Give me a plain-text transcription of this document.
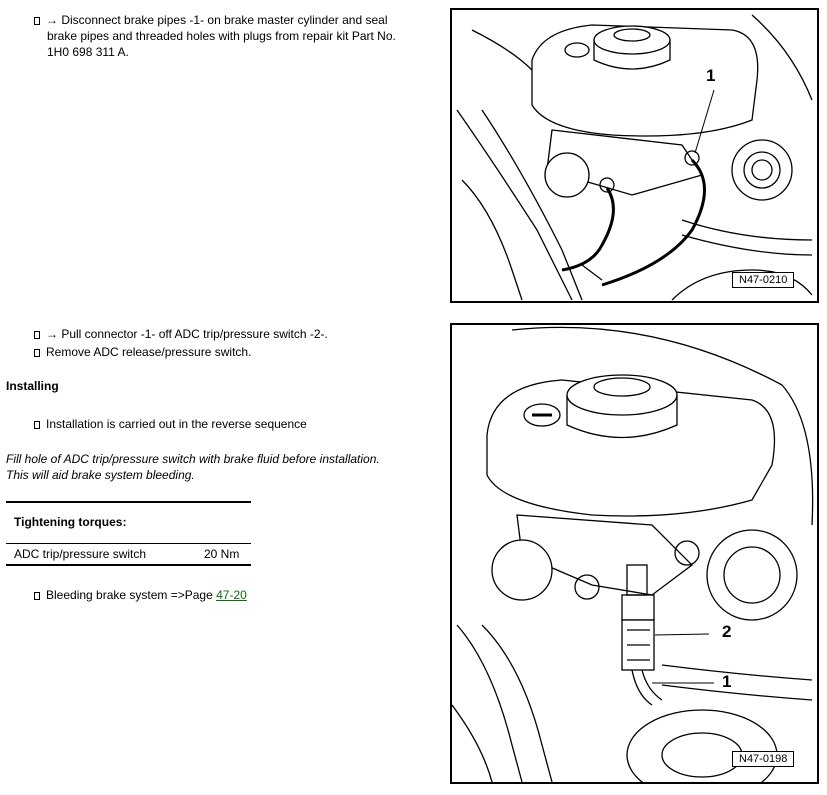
→ Disconnect brake pipes -1- on brake master cylinder and seal
brake pipes and threaded holes with plugs from repair kit Part No.
1H0 698 311 A.
1
N47-0210
→ Pull connector -1- off ADC trip/pressure switch -2-.
Remove ADC release/pressure switch.
Installing
Installation is carried out in the reverse sequence
Fill hole of ADC trip/pressure switch with brake fluid before installation.
This will aid brake system bleeding.
Tightening torques:
ADC trip/pressure switch	20 Nm
Bleeding brake system =>Page 47-20
2
1
N47-0198
